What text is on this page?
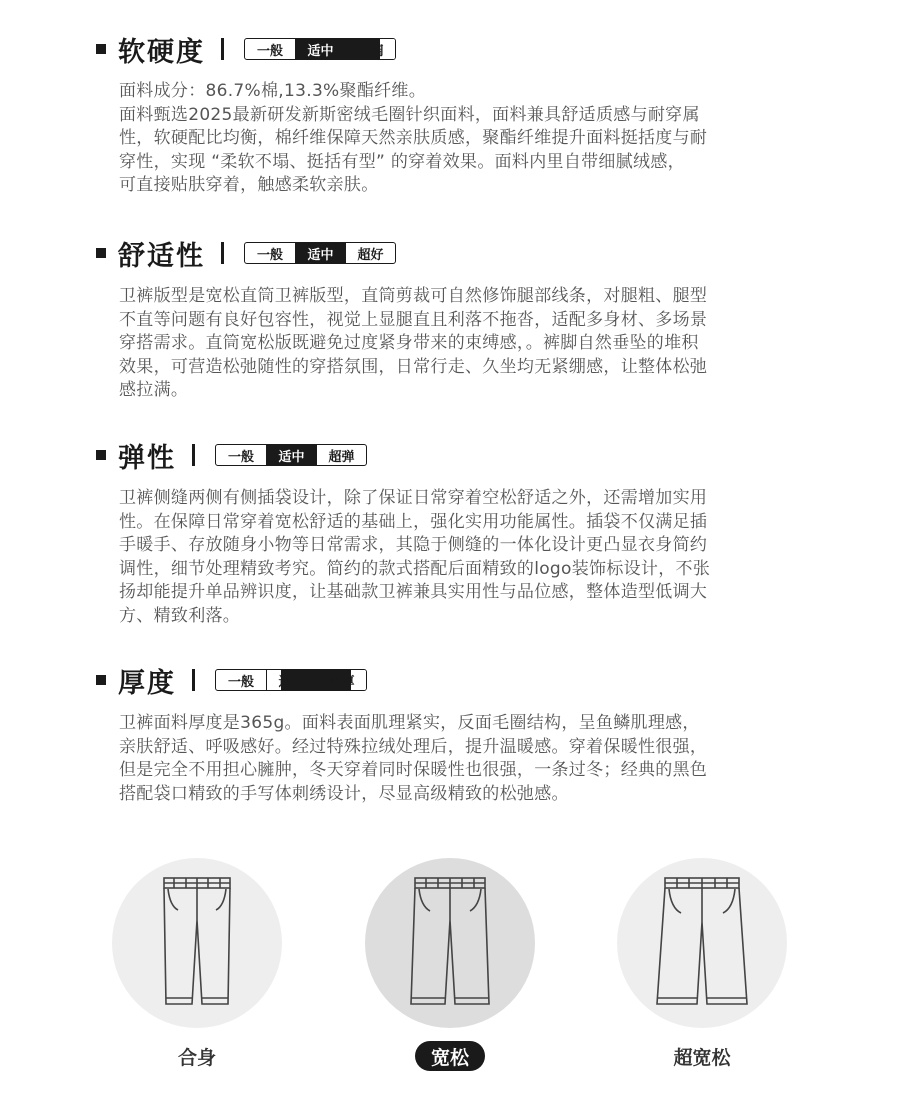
软硬度	一般	适中	挺阔

面料成分：86.7%棉,13.3%聚酯纤维。

面料甄选2025最新研发新斯密绒毛圈针织面料，面料兼具舒适质感与耐穿属

性，软硬配比均衡，棉纤维保障天然亲肤质感，聚酯纤维提升面料挺括度与耐

穿性，实现 “柔软不塌、挺括有型” 的穿着效果。面料内里自带细腻绒感，

可直接贴肤穿着，触感柔软亲肤。

舒适性	一般	适中	超好

卫裤版型是宽松直筒卫裤版型，直筒剪裁可自然修饰腿部线条，对腿粗、腿型

不直等问题有良好包容性，视觉上显腿直且利落不拖沓，适配多身材、多场景

穿搭需求。直筒宽松版既避免过度紧身带来的束缚感，。裤脚自然垂坠的堆积

效果，可营造松弛随性的穿搭氛围，日常行走、久坐均无紧绷感，让整体松弛

感拉满。

弹性	一般	适中	超弹

卫裤侧缝两侧有侧插袋设计，除了保证日常穿着空松舒适之外，还需增加实用

性。在保障日常穿着宽松舒适的基础上，强化实用功能属性。插袋不仅满足插

手暖手、存放随身小物等日常需求，其隐于侧缝的一体化设计更凸显衣身简约

调性，细节处理精致考究。简约的款式搭配后面精致的logo装饰标设计，不张

扬却能提升单品辨识度，让基础款卫裤兼具实用性与品位感，整体造型低调大

方、精致利落。

厚度	一般	适中 略厚

卫裤面料厚度是365g。面料表面肌理紧实，反面毛圈结构，呈鱼鳞肌理感，

亲肤舒适、呼吸感好。经过特殊拉绒处理后，提升温暖感。穿着保暖性很强，

但是完全不用担心臃肿，冬天穿着同时保暖性也很强，一条过冬；经典的黑色

搭配袋口精致的手写体刺绣设计，尽显高级精致的松弛感。

合身	宽松	超宽松
